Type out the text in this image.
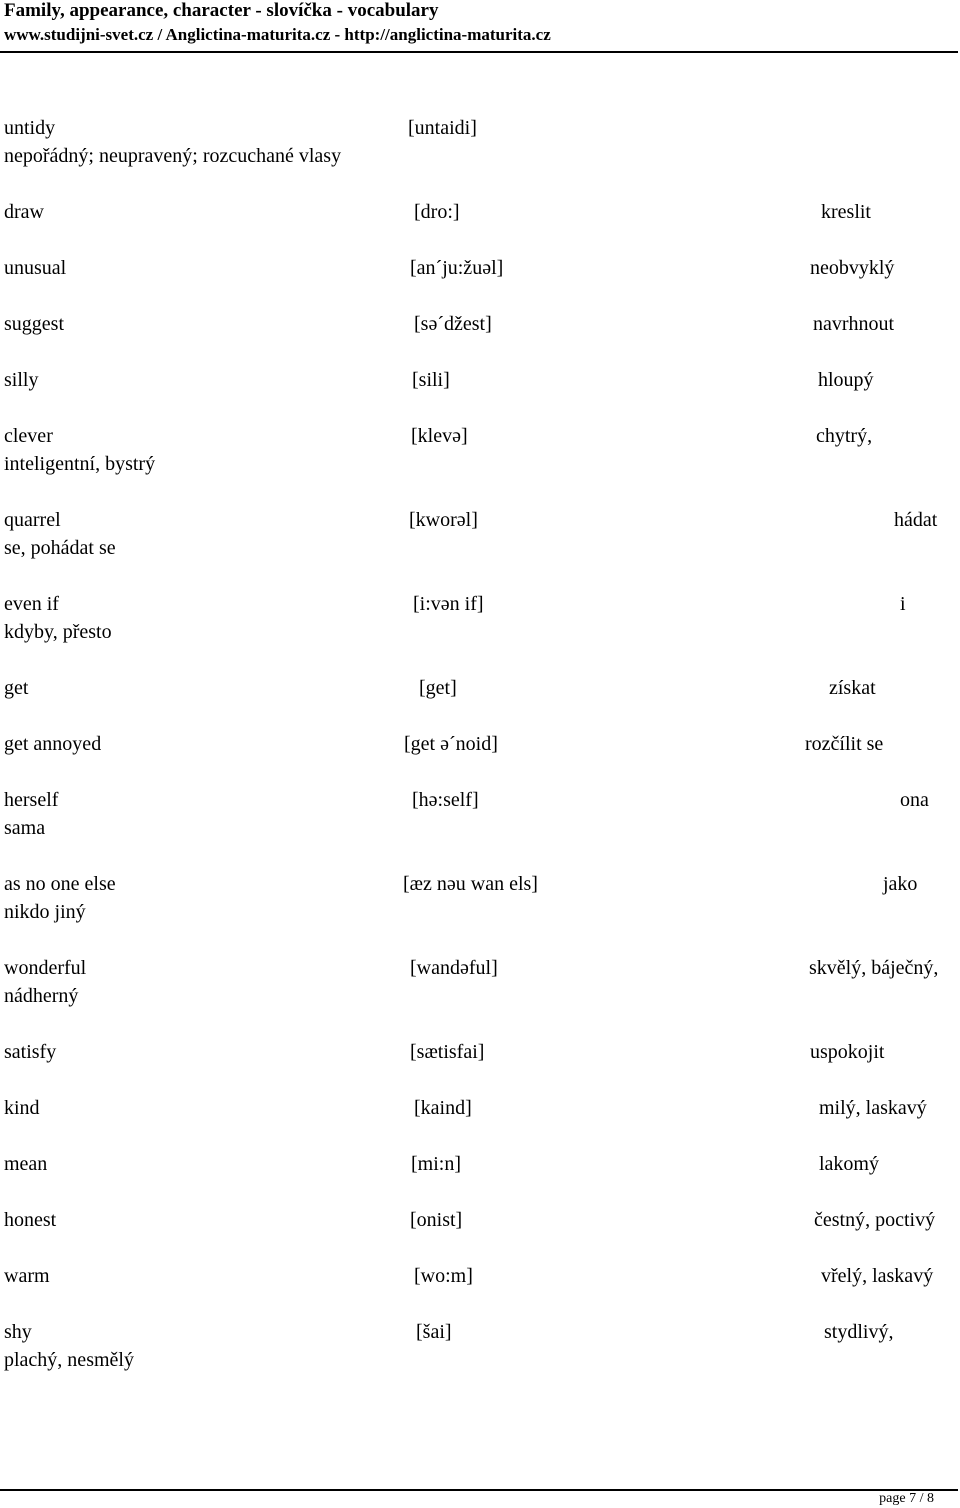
Family, appearance, character - slovíčka - vocabulary
www.studijni-svet.cz / Anglictina-maturita.cz - http://anglictina-maturita.cz
untidy	[untaidi]
nepořádný; neupravený; rozcuchané vlasy
draw	[dro:]	kreslit
unusual	[an´ju:žuəl]	neobvyklý
suggest	[sə´džest]	navrhnout
silly	[sili]	hloupý
clever	[klevə]	chytrý,
inteligentní, bystrý
quarrel	[kworəl]	hádat
se, pohádat se
even if	[i:vən if]	i
kdyby, přesto
get	[get]	získat
get annoyed	[get ə´noid]	rozčílit se
herself	[hə:self]	ona
sama
as no one else	[æz nəu wan els]	jako
nikdo jiný
wonderful	[wandəful]	skvělý, báječný,
nádherný
satisfy	[sætisfai]	uspokojit
kind	[kaind]	milý, laskavý
mean	[mi:n]	lakomý
honest	[onist]	čestný, poctivý
warm	[wo:m]	vřelý, laskavý
shy	[šai]	stydlivý,
plachý, nesmělý
page 7 / 8
